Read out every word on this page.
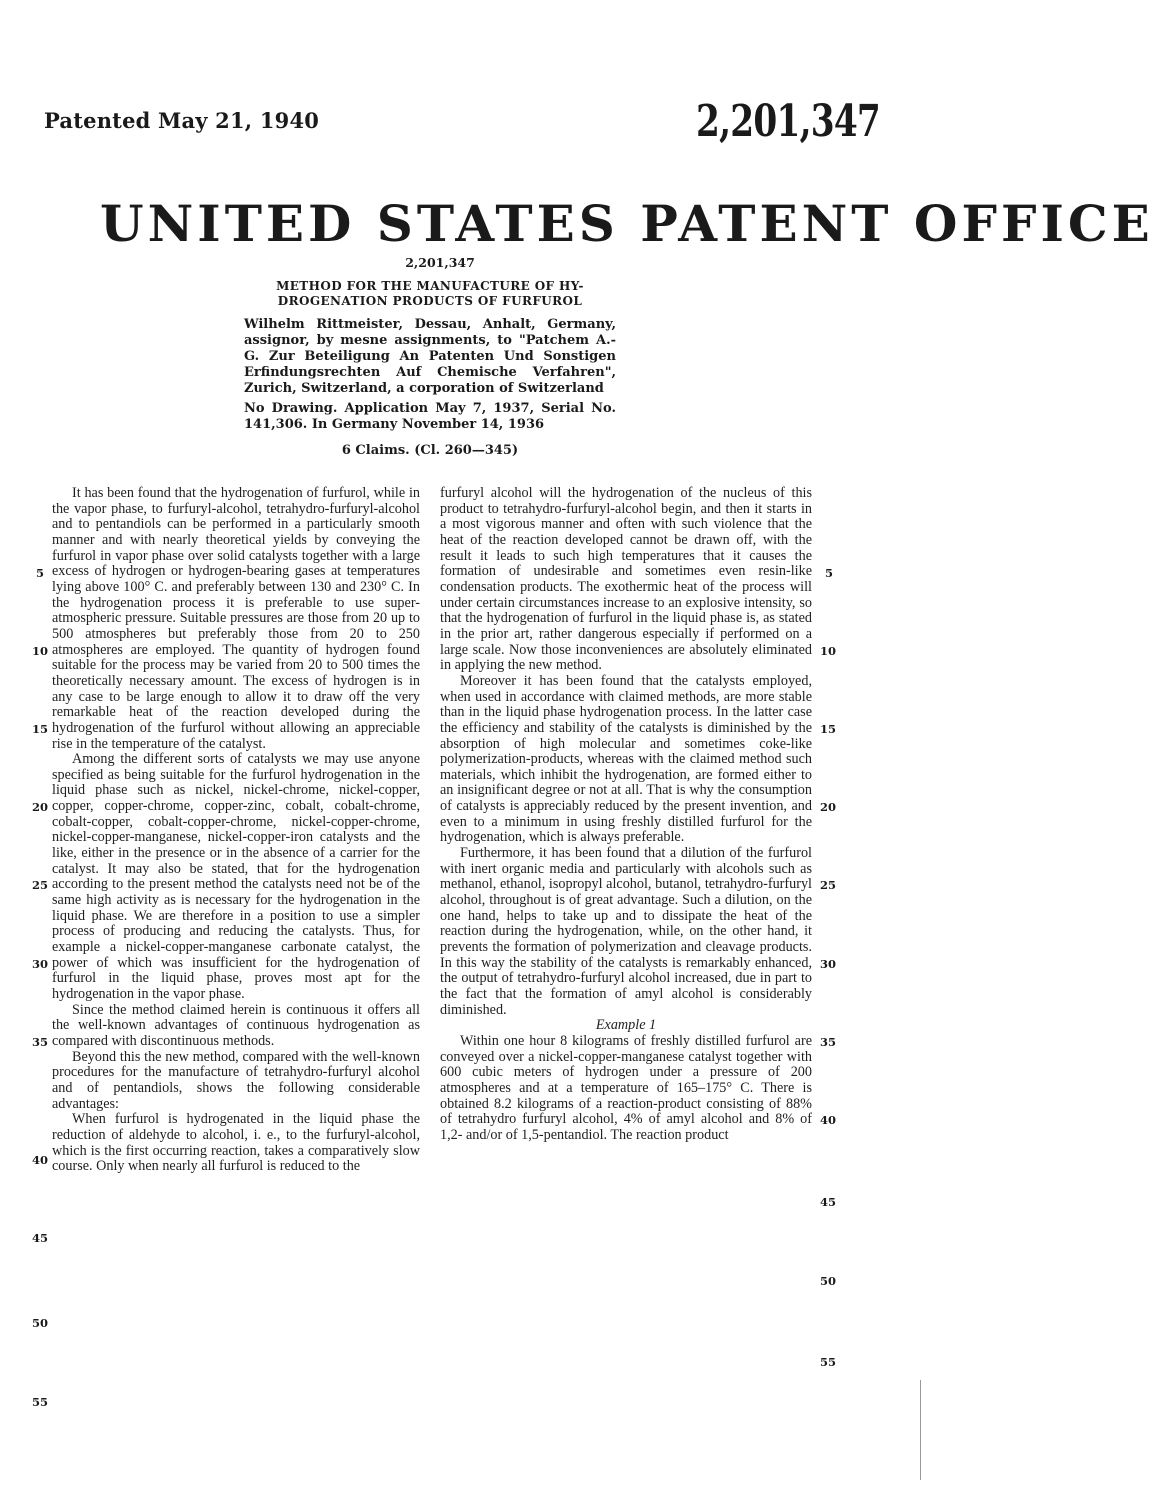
Patented May 21, 1940	2,201,347
UNITED STATES PATENT OFFICE
2,201,347
METHOD FOR THE MANUFACTURE OF HY-
DROGENATION PRODUCTS OF FURFUROL

Wilhelm Rittmeister, Dessau, Anhalt, Germany, assignor, by mesne assignments, to "Patchem A.-G. Zur Beteiligung An Patenten Und Sonstigen Erfindungsrechten Auf Chemische Verfahren", Zurich, Switzerland, a corporation of Switzerland

No Drawing. Application May 7, 1937, Serial No. 141,306. In Germany November 14, 1936

6 Claims. (Cl. 260—345)

It has been found that the hydrogenation of furfurol, while in the vapor phase, to furfuryl-alcohol, tetrahydro-furfuryl-alcohol and to pentandiols can be performed in a particularly smooth manner and with nearly theoretical yields by conveying the furfurol in vapor phase over solid catalysts together with a large excess of hydrogen or hydrogen-bearing gases at temperatures lying above 100° C. and preferably between 130 and 230° C. In the hydrogenation process it is preferable to use super-atmospheric pressure. Suitable pressures are those from 20 up to 500 atmospheres but preferably those from 20 to 250 atmospheres are employed. The quantity of hydrogen found suitable for the process may be varied from 20 to 500 times the theoretically necessary amount. The excess of hydrogen is in any case to be large enough to allow it to draw off the very remarkable heat of the reaction developed during the hydrogenation of the furfurol without allowing an appreciable rise in the temperature of the catalyst.

Among the different sorts of catalysts we may use anyone specified as being suitable for the furfurol hydrogenation in the liquid phase such as nickel, nickel-chrome, nickel-copper, copper, copper-chrome, copper-zinc, cobalt, cobalt-chrome, cobalt-copper, cobalt-copper-chrome, nickel-copper-chrome, nickel-copper-manganese, nickel-copper-iron catalysts and the like, either in the presence or in the absence of a carrier for the catalyst. It may also be stated, that for the hydrogenation according to the present method the catalysts need not be of the same high activity as is necessary for the hydrogenation in the liquid phase. We are therefore in a position to use a simpler process of producing and reducing the catalysts. Thus, for example a nickel-copper-manganese carbonate catalyst, the power of which was insufficient for the hydrogenation of furfurol in the liquid phase, proves most apt for the hydrogenation in the vapor phase.

Since the method claimed herein is continuous it offers all the well-known advantages of continuous hydrogenation as compared with discontinuous methods.

Beyond this the new method, compared with the well-known procedures for the manufacture of tetrahydro-furfuryl alcohol and of pentandiols, shows the following considerable advantages:

When furfurol is hydrogenated in the liquid phase the reduction of aldehyde to alcohol, i. e., to the furfuryl-alcohol, which is the first occurring reaction, takes a comparatively slow course. Only when nearly all furfurol is reduced to the

furfuryl alcohol will the hydrogenation of the nucleus of this product to tetrahydro-furfuryl-alcohol begin, and then it starts in a most vigorous manner and often with such violence that the heat of the reaction developed cannot be drawn off, with the result it leads to such high temperatures that it causes the formation of undesirable and sometimes even resin-like condensation products. The exothermic heat of the process will under certain circumstances increase to an explosive intensity, so that the hydrogenation of furfurol in the liquid phase is, as stated in the prior art, rather dangerous especially if performed on a large scale. Now those inconveniences are absolutely eliminated in applying the new method.

Moreover it has been found that the catalysts employed, when used in accordance with claimed methods, are more stable than in the liquid phase hydrogenation process. In the latter case the efficiency and stability of the catalysts is diminished by the absorption of high molecular and sometimes coke-like polymerization-products, whereas with the claimed method such materials, which inhibit the hydrogenation, are formed either to an insignificant degree or not at all. That is why the consumption of catalysts is appreciably reduced by the present invention, and even to a minimum in using freshly distilled furfurol for the hydrogenation, which is always preferable.

Furthermore, it has been found that a dilution of the furfurol with inert organic media and particularly with alcohols such as methanol, ethanol, isopropyl alcohol, butanol, tetrahydro-furfuryl alcohol, throughout is of great advantage. Such a dilution, on the one hand, helps to take up and to dissipate the heat of the reaction during the hydrogenation, while, on the other hand, it prevents the formation of polymerization and cleavage products. In this way the stability of the catalysts is remarkably enhanced, the output of tetrahydro-furfuryl alcohol increased, due in part to the fact that the formation of amyl alcohol is considerably diminished.

Example 1

Within one hour 8 kilograms of freshly distilled furfurol are conveyed over a nickel-copper-manganese catalyst together with 600 cubic meters of hydrogen under a pressure of 200 atmospheres and at a temperature of 165–175° C. There is obtained 8.2 kilograms of a reaction-product consisting of 88% of tetrahydro furfuryl alcohol, 4% of amyl alcohol and 8% of 1,2- and/or of 1,5-pentandiol. The reaction product

5
10
15
20
25
30
35
40
45
50
55
5
10
15
20
25
30
35
40
45
50
55
